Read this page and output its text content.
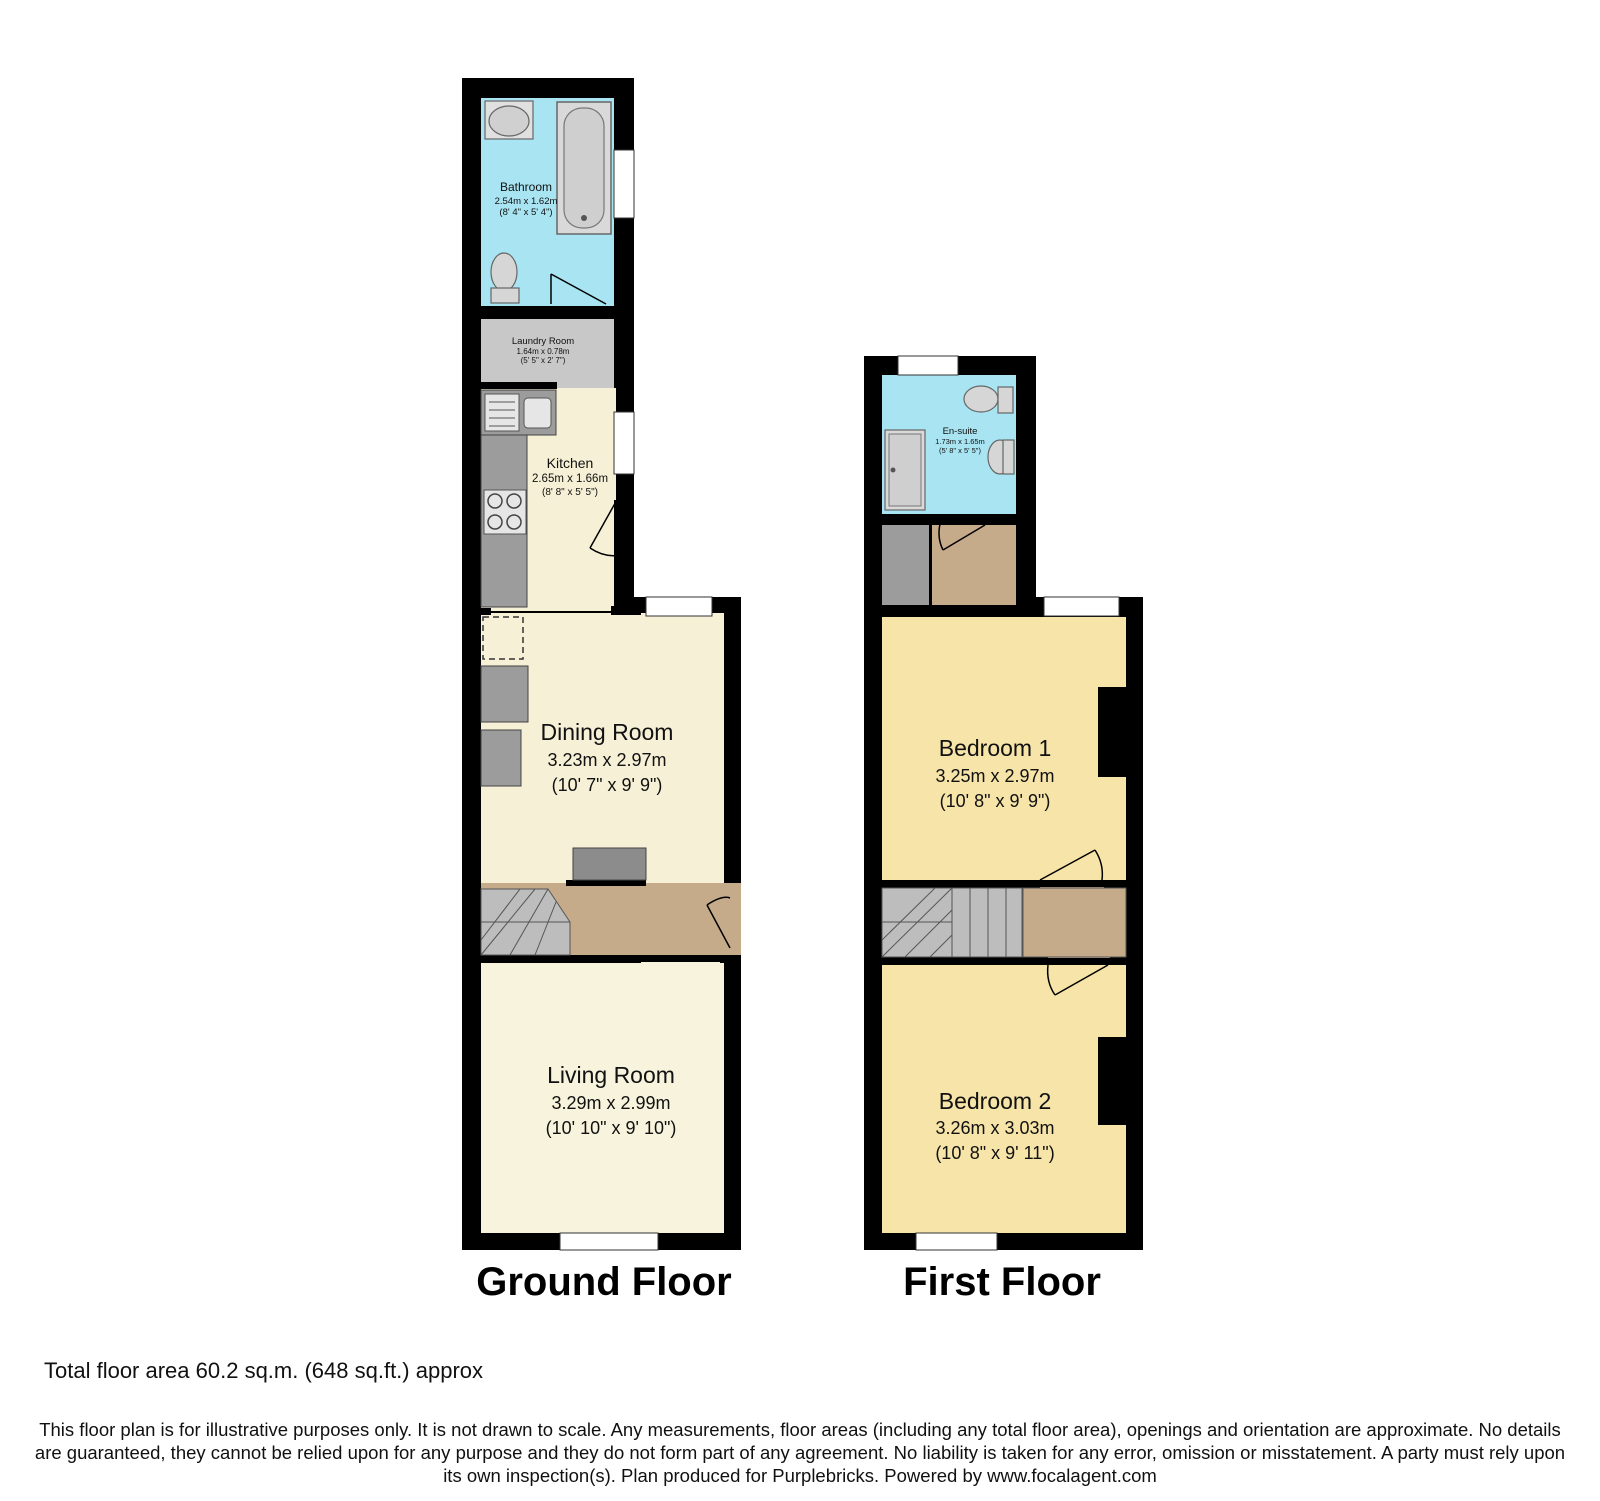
Bathroom
2.54m x 1.62m
(8' 4" x 5' 4")
Laundry Room
1.64m x 0.78m
(5' 5" x 2' 7")
Kitchen
2.65m x 1.66m
(8' 8" x 5' 5")
Dining Room
3.23m x 2.97m
(10' 7" x 9' 9")
Living Room
3.29m x 2.99m
(10' 10" x 9' 10")
Ground Floor
En-suite
1.73m x 1.65m
(5' 8" x 5' 5")
Bedroom 1
3.25m x 2.97m
(10' 8" x 9' 9")
Bedroom 2
3.26m x 3.03m
(10' 8" x 9' 11")
First Floor
Total floor area 60.2 sq.m. (648 sq.ft.) approx
This floor plan is for illustrative purposes only. It is not drawn to scale. Any measurements, floor areas (including any total floor area), openings and orientation are approximate. No details are guaranteed, they cannot be relied upon for any purpose and they do not form part of any agreement. No liability is taken for any error, omission or misstatement. A party must rely upon its own inspection(s). Plan produced for Purplebricks. Powered by www.focalagent.com
